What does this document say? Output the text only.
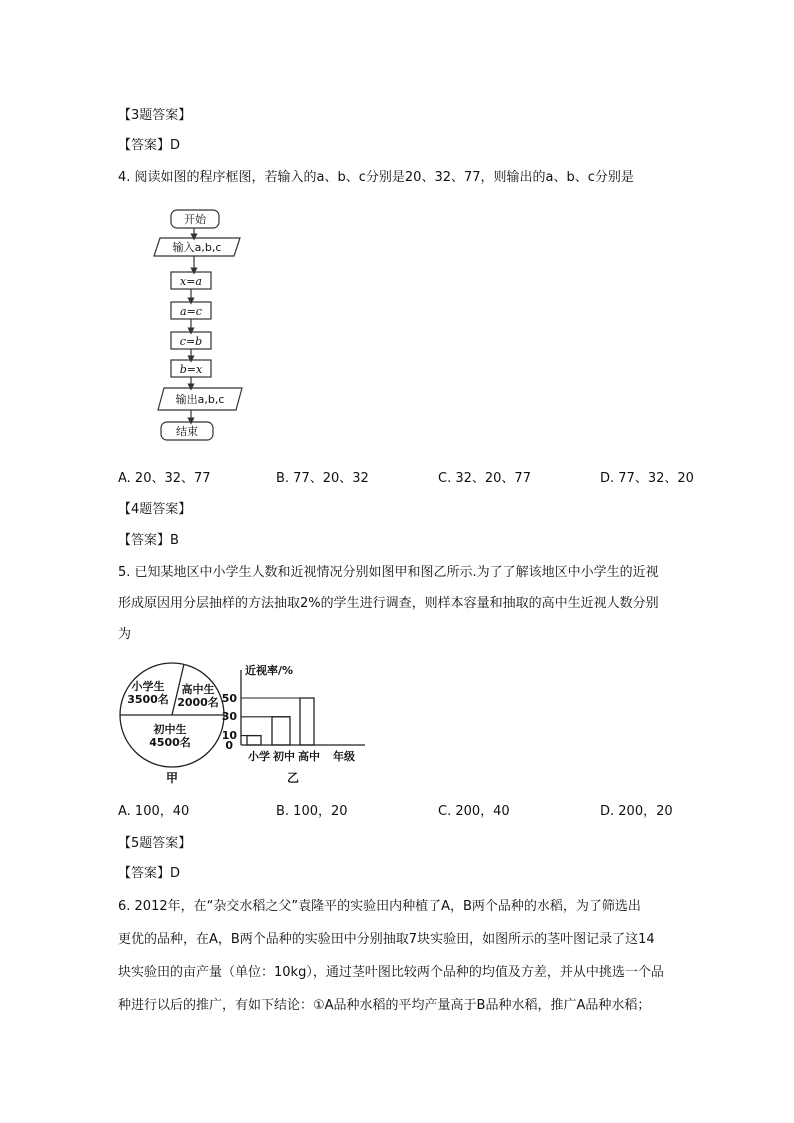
【3题答案】
【答案】D
4. 阅读如图的程序框图，若输入的a、b、c分别是20、32、77，则输出的a、b、c分别是
开始
输入a,b,c
x=a
a=c
c=b
b=x
输出a,b,c
结束
A. 20、32、77	B. 77、20、32	C. 32、20、77	D. 77、32、20
【4题答案】
【答案】B
5. 已知某地区中小学生人数和近视情况分别如图甲和图乙所示.为了了解该地区中小学生的近视
形成原因用分层抽样的方法抽取2%的学生进行调查，则样本容量和抽取的高中生近视人数分别
为
小学生
3500名
高中生
2000名
初中生
4500名
甲
近视率/%
0
10
30
50
小学 初中 高中 年级
乙
A. 100，40	B. 100，20	C. 200，40	D. 200，20
【5题答案】
【答案】D
6. 2012年，在“杂交水稻之父”袁隆平的实验田内种植了A，B两个品种的水稻，为了筛选出
更优的品种，在A，B两个品种的实验田中分别抽取7块实验田，如图所示的茎叶图记录了这14
块实验田的亩产量（单位：10kg），通过茎叶图比较两个品种的均值及方差，并从中挑选一个品
种进行以后的推广，有如下结论：①A品种水稻的平均产量高于B品种水稻，推广A品种水稻；
